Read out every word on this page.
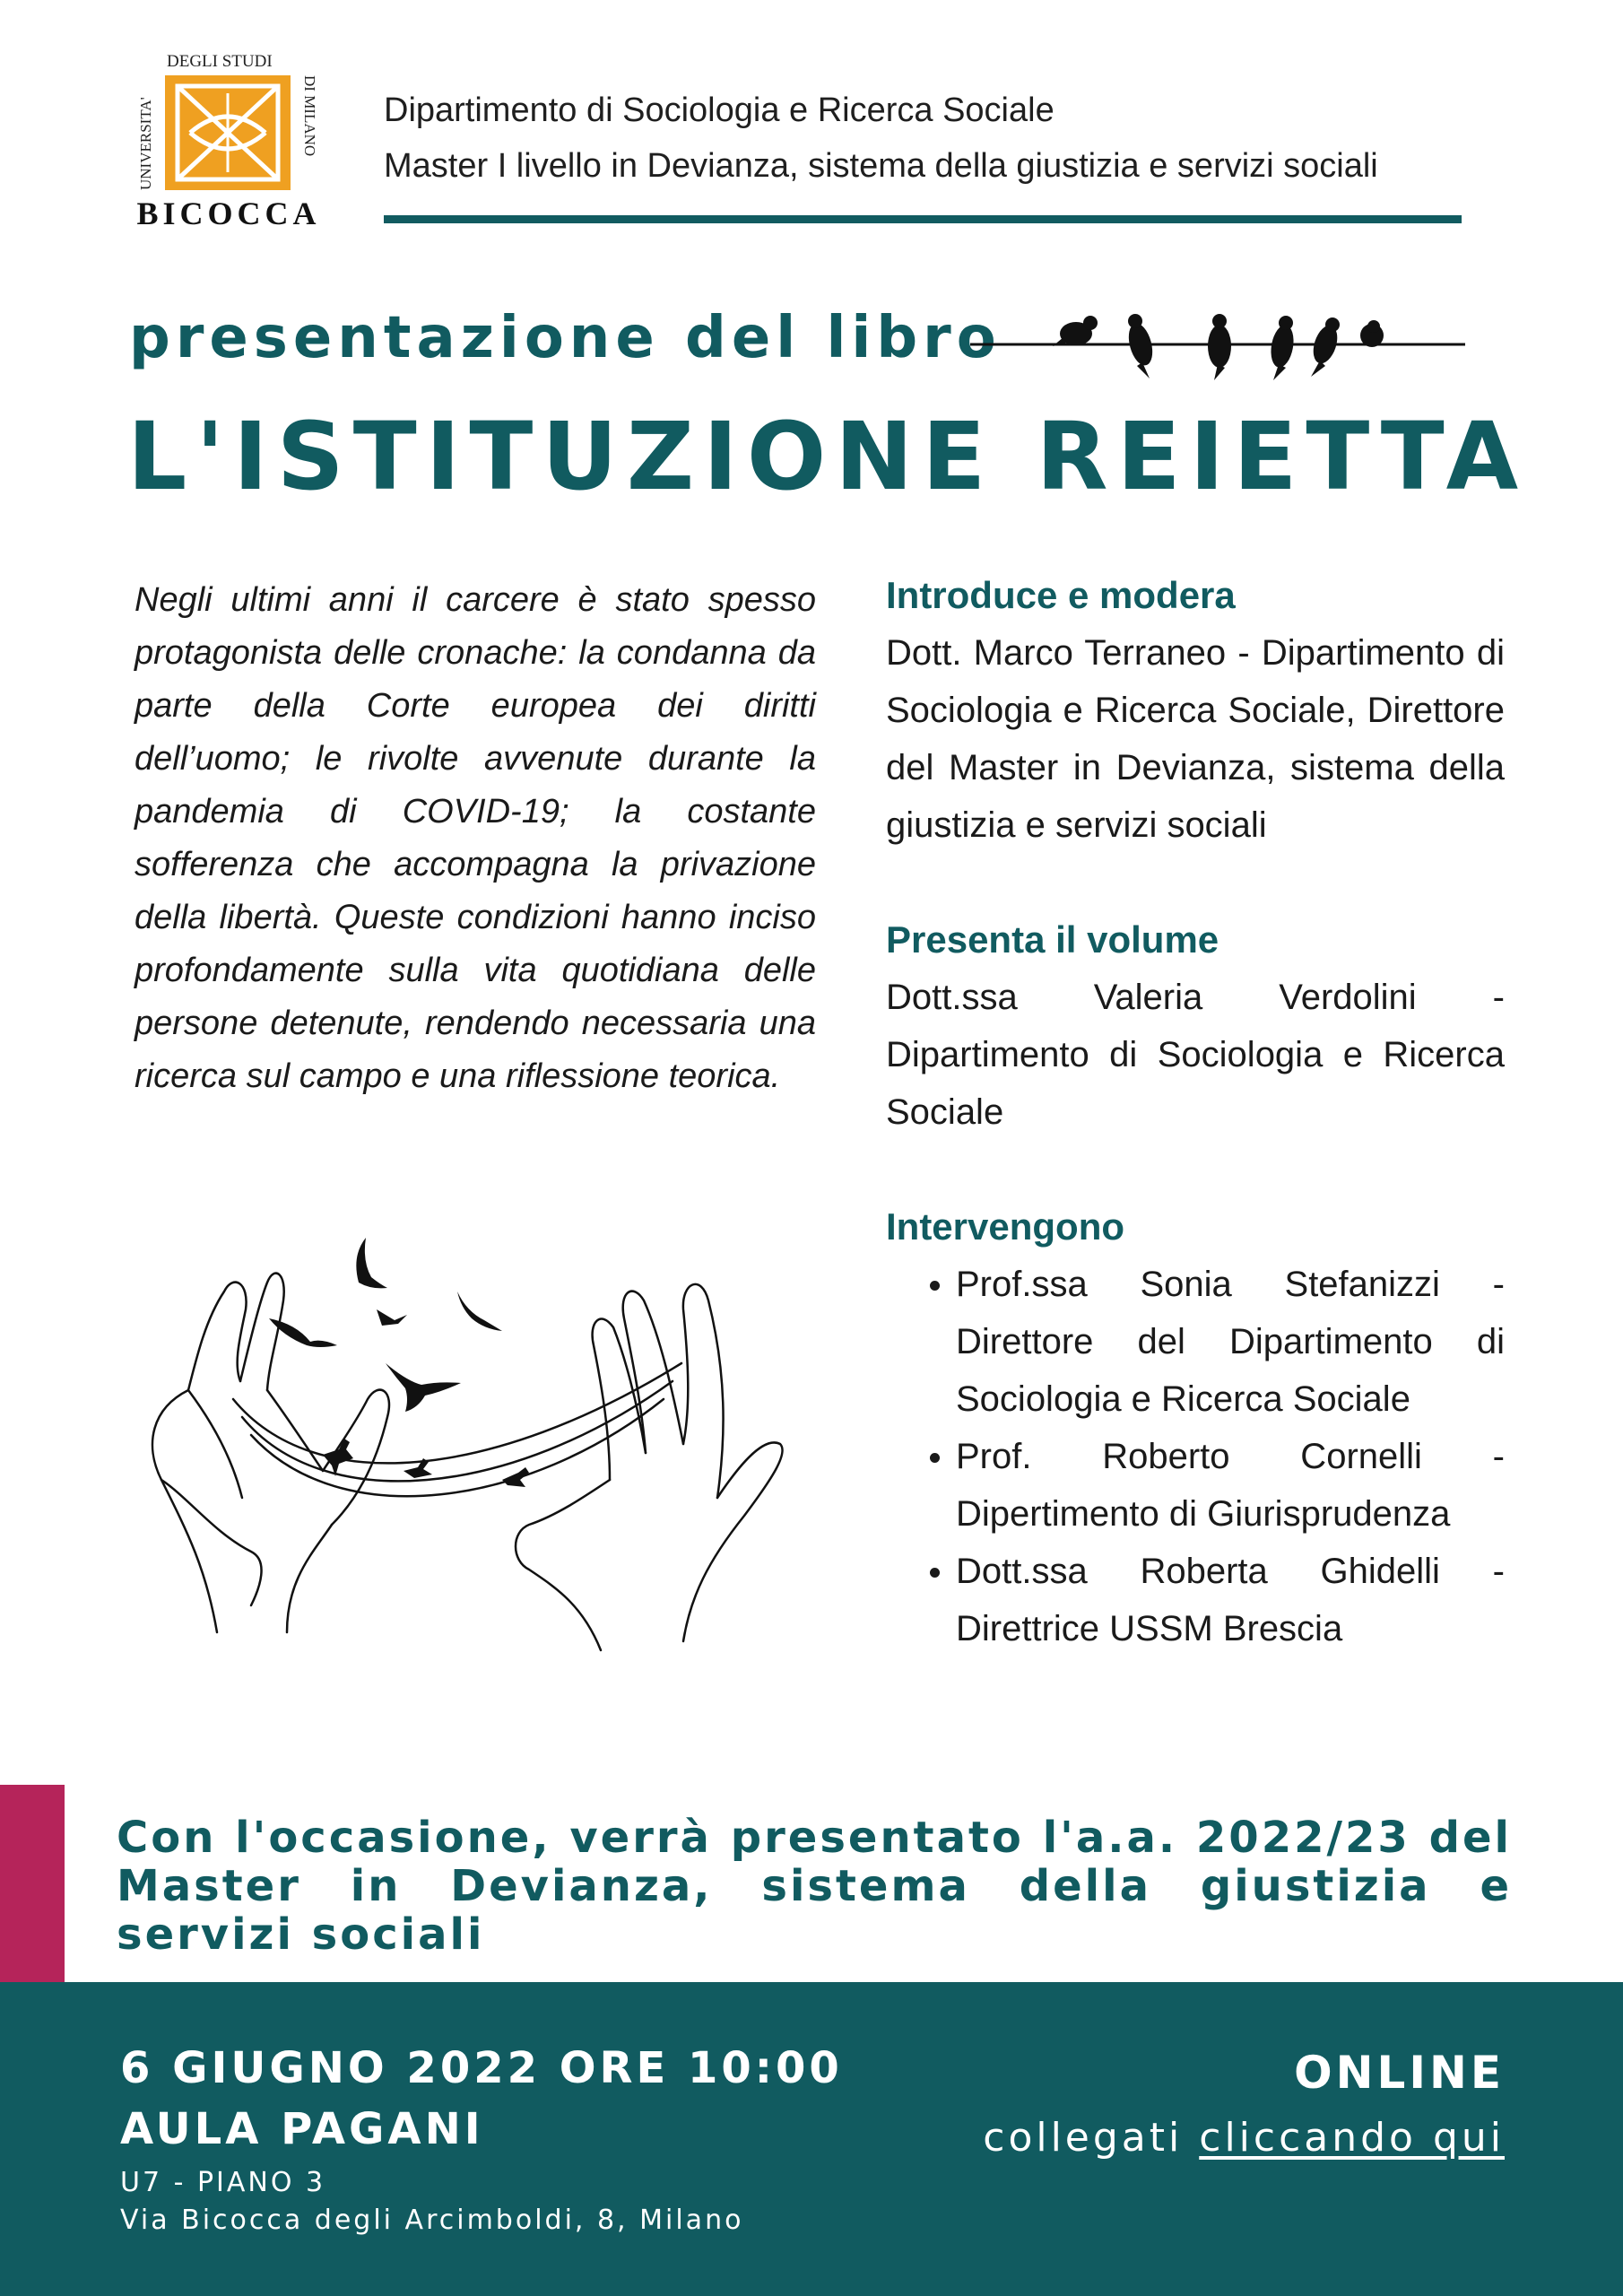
UNIVERSITA'
DEGLI STUDI
DI MILANO
BICOCCA
Dipartimento di Sociologia e Ricerca Sociale
Master I livello in Devianza, sistema della giustizia e servizi sociali
presentazione del libro
L'ISTITUZIONE REIETTA
Negli ultimi anni il carcere è stato spesso protagonista delle cronache: la condanna da parte della Corte europea dei diritti dell’uomo; le rivolte avvenute durante la pandemia di COVID-19; la costante sofferenza che accompagna la privazione della libertà. Queste condizioni hanno inciso profondamente sulla vita quotidiana delle persone detenute, rendendo necessaria una ricerca sul campo e una riflessione teorica.
Introduce e modera

Dott. Marco Terraneo - Dipartimento di Sociologia e Ricerca Sociale, Direttore del Master in Devianza, sistema della giustizia e servizi sociali

Presenta il volume

Dott.ssa Valeria Verdolini - Dipartimento di Sociologia e Ricerca Sociale

Intervengono
• Prof.ssa Sonia Stefanizzi - Direttore del Dipartimento di Sociologia e Ricerca Sociale
• Prof. Roberto Cornelli - Dipertimento di Giurisprudenza
• Dott.ssa Roberta Ghidelli - Direttrice USSM Brescia
Con l'occasione, verrà presentato l'a.a. 2022/23 del
Master in Devianza, sistema della giustizia e servizi sociali
6 GIUGNO 2022 ORE 10:00
AULA PAGANI
U7 - PIANO 3
Via Bicocca degli Arcimboldi, 8, Milano
ONLINE
collegati cliccando qui
